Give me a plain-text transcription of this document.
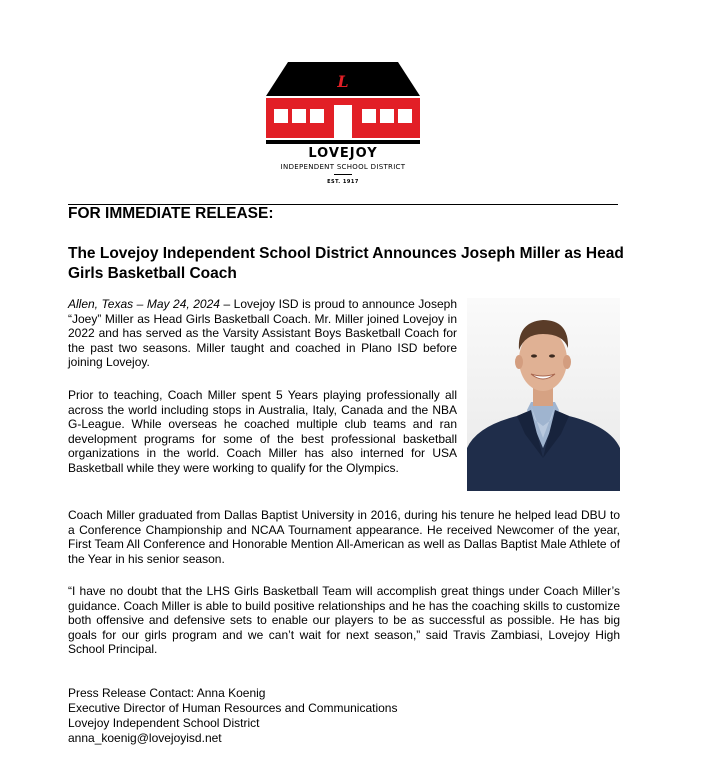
L
LOVEJOY
INDEPENDENT SCHOOL DISTRICT
EST. 1917
FOR IMMEDIATE RELEASE:
The Lovejoy Independent School District Announces Joseph Miller as Head Girls Basketball Coach

Allen, Texas – May 24, 2024 – Lovejoy ISD is proud to announce Joseph “Joey” Miller as Head Girls Basketball Coach. Mr. Miller joined Lovejoy in 2022 and has served as the Varsity Assistant Boys Basketball Coach for the past two seasons. Miller taught and coached in Plano ISD before joining Lovejoy.

Prior to teaching, Coach Miller spent 5 Years playing professionally all across the world including stops in Australia, Italy, Canada and the NBA G-League. While overseas he coached multiple club teams and ran development programs for some of the best professional basketball organizations in the world. Coach Miller has also interned for USA Basketball while they were working to qualify for the Olympics.

Coach Miller graduated from Dallas Baptist University in 2016, during his tenure he helped lead DBU to a Conference Championship and NCAA Tournament appearance. He received Newcomer of the year, First Team All Conference and Honorable Mention All-American as well as Dallas Baptist Male Athlete of the Year in his senior season.

“I have no doubt that the LHS Girls Basketball Team will accomplish great things under Coach Miller’s guidance. Coach Miller is able to build positive relationships and he has the coaching skills to customize both offensive and defensive sets to enable our players to be as successful as possible. He has big goals for our girls program and we can’t wait for next season,” said Travis Zambiasi, Lovejoy High School Principal.

Press Release Contact: Anna Koenig
Executive Director of Human Resources and Communications
Lovejoy Independent School District
anna_koenig@lovejoyisd.net
